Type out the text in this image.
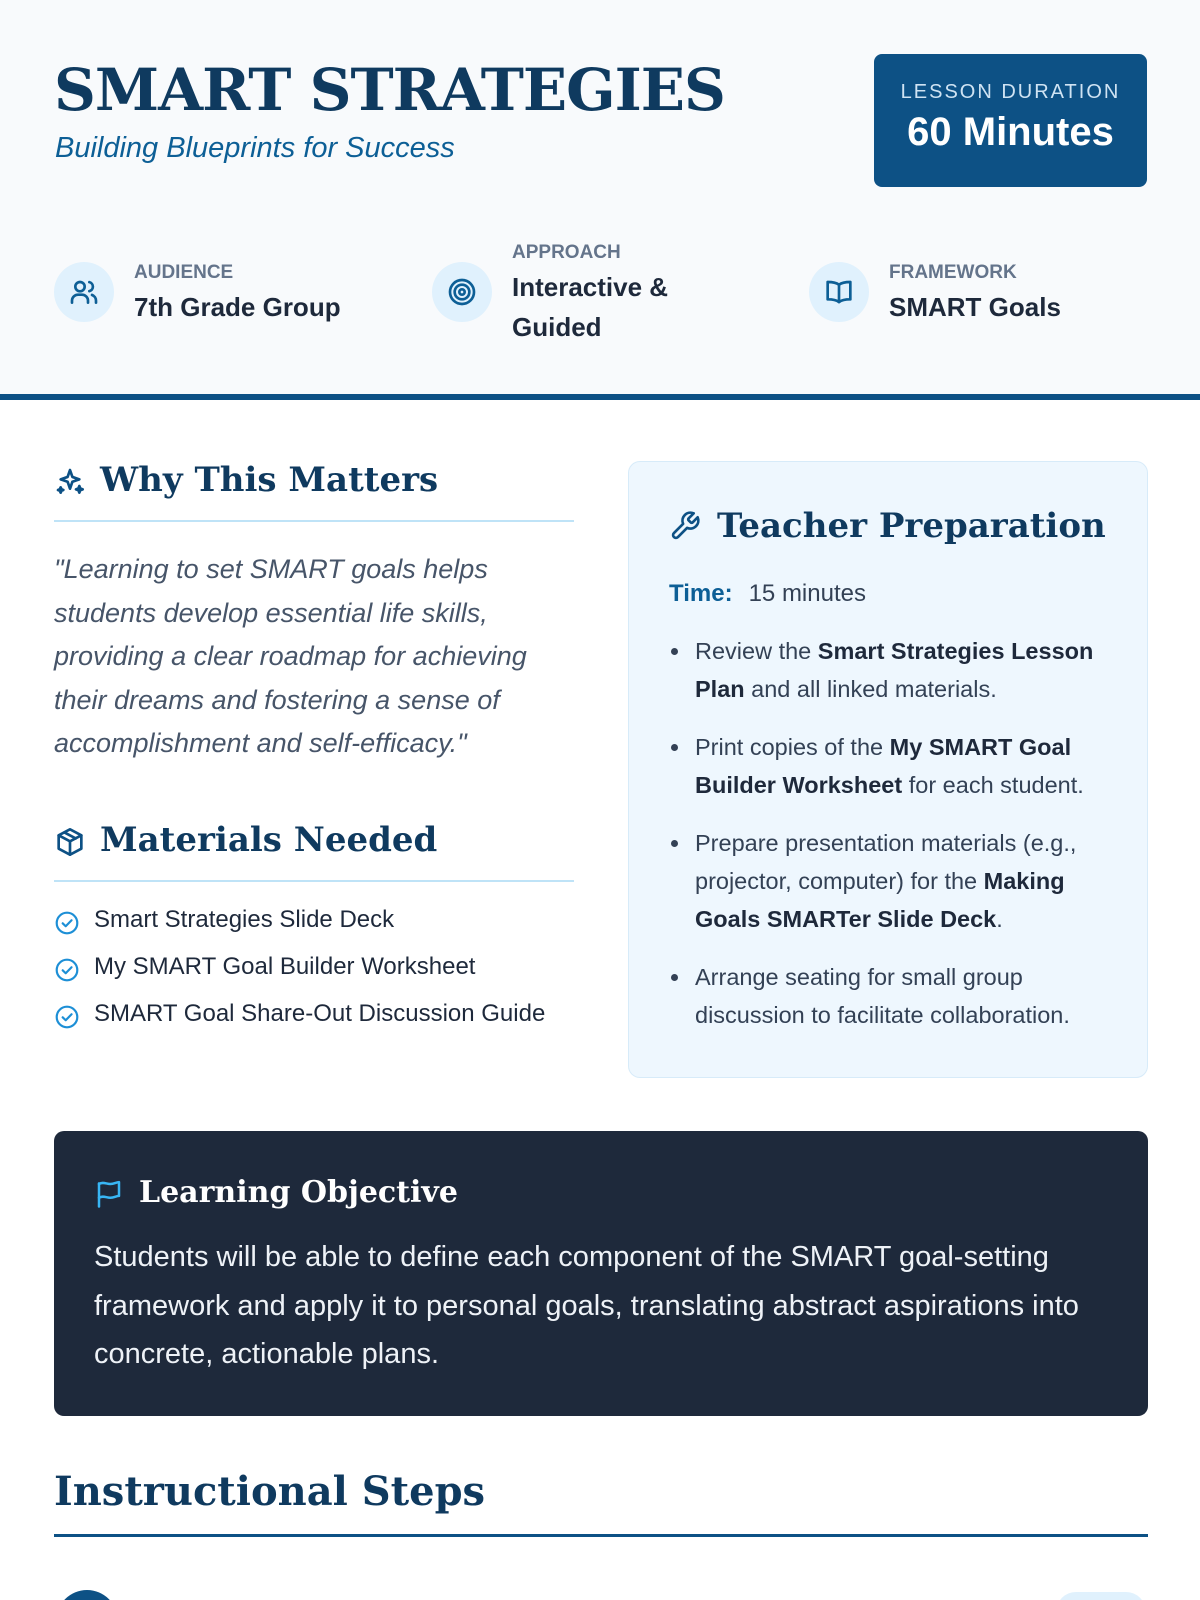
SMART STRATEGIES
Building Blueprints for Success
LESSON DURATION
60 Minutes
AUDIENCE
7th Grade Group
APPROACH
Interactive & Guided
FRAMEWORK
SMART Goals
Why This Matters
"Learning to set SMART goals helps students develop essential life skills, providing a clear roadmap for achieving their dreams and fostering a sense of accomplishment and self-efficacy."
Materials Needed
Smart Strategies Slide Deck
My SMART Goal Builder Worksheet
SMART Goal Share-Out Discussion Guide
Teacher Preparation
Time: 15 minutes
Review the Smart Strategies Lesson Plan and all linked materials.
Print copies of the My SMART Goal Builder Worksheet for each student.
Prepare presentation materials (e.g., projector, computer) for the Making Goals SMARTer Slide Deck.
Arrange seating for small group discussion to facilitate collaboration.
Learning Objective
Students will be able to define each component of the SMART goal-setting framework and apply it to personal goals, translating abstract aspirations into concrete, actionable plans.
Instructional Steps
